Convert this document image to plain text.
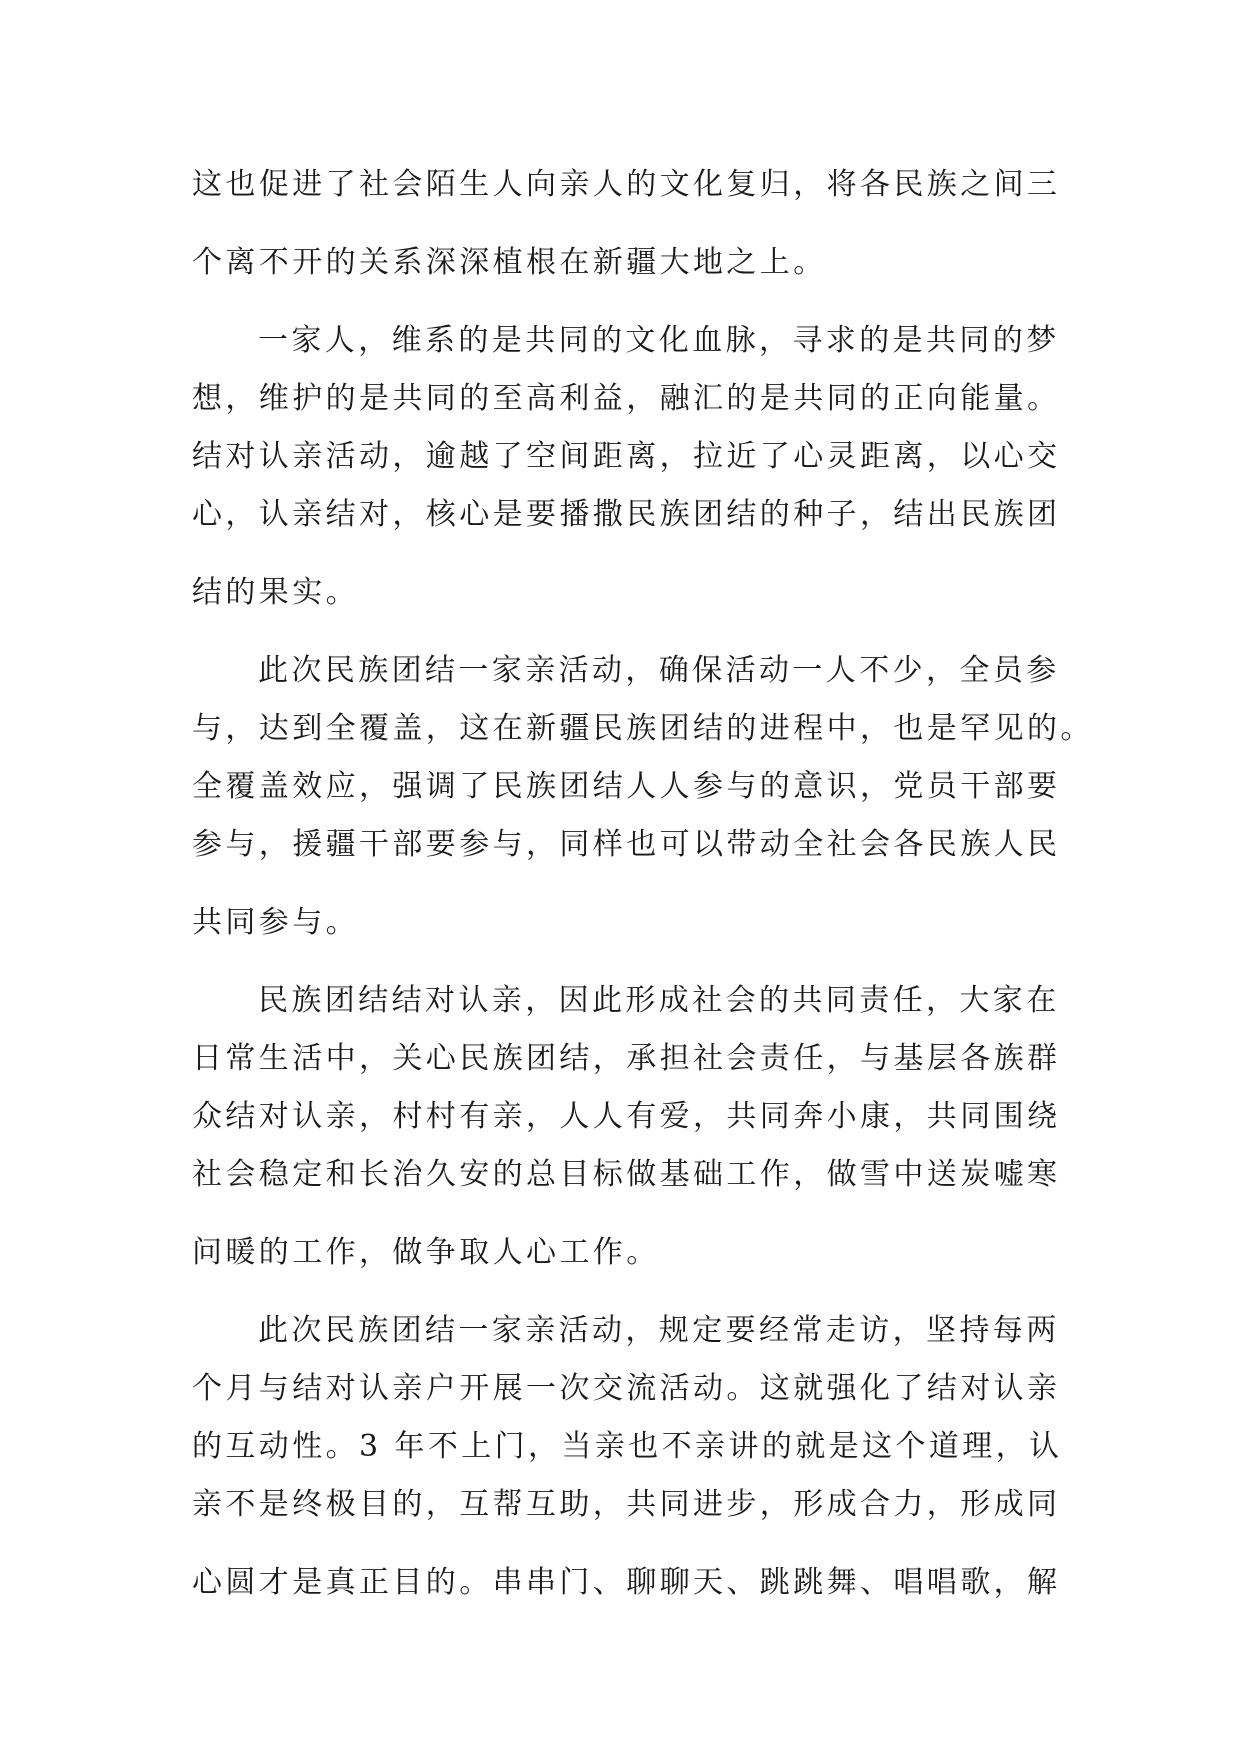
这也促进了社会陌生人向亲人的文化复归，将各民族之间三
个离不开的关系深深植根在新疆大地之上。
一家人，维系的是共同的文化血脉，寻求的是共同的梦
想，维护的是共同的至高利益，融汇的是共同的正向能量。
结对认亲活动，逾越了空间距离，拉近了心灵距离，以心交
心，认亲结对，核心是要播撒民族团结的种子，结出民族团
结的果实。
此次民族团结一家亲活动，确保活动一人不少，全员参
与，达到全覆盖，这在新疆民族团结的进程中，也是罕见的。
全覆盖效应，强调了民族团结人人参与的意识，党员干部要
参与，援疆干部要参与，同样也可以带动全社会各民族人民
共同参与。
民族团结结对认亲，因此形成社会的共同责任，大家在
日常生活中，关心民族团结，承担社会责任，与基层各族群
众结对认亲，村村有亲，人人有爱，共同奔小康，共同围绕
社会稳定和长治久安的总目标做基础工作，做雪中送炭嘘寒
问暖的工作，做争取人心工作。
此次民族团结一家亲活动，规定要经常走访，坚持每两
个月与结对认亲户开展一次交流活动。这就强化了结对认亲
的互动性。3 年不上门，当亲也不亲讲的就是这个道理，认
亲不是终极目的，互帮互助，共同进步，形成合力，形成同
心圆才是真正目的。串串门、聊聊天、跳跳舞、唱唱歌，解
